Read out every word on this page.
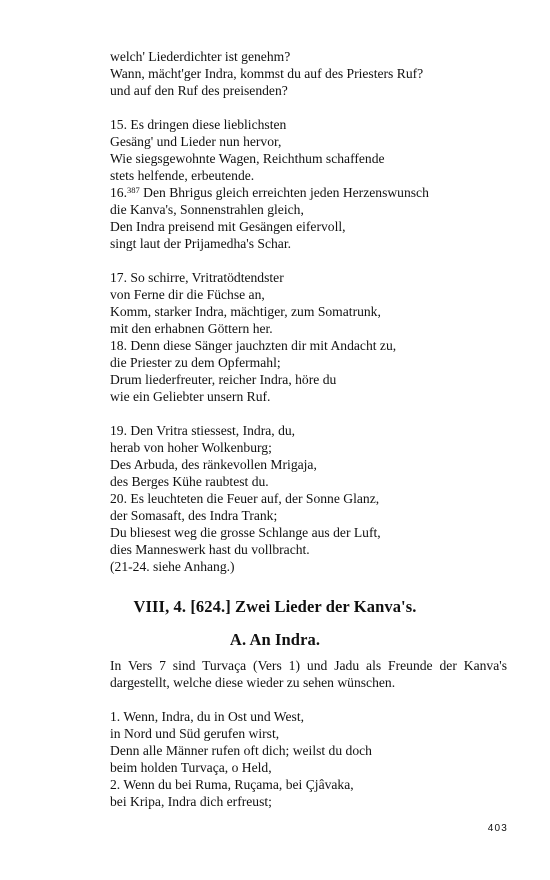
welch' Liederdichter ist genehm?
Wann, mächt'ger Indra, kommst du auf des Priesters Ruf?
und auf den Ruf des preisenden?
15. Es dringen diese lieblichsten
Gesäng' und Lieder nun hervor,
Wie siegsgewohnte Wagen, Reichthum schaffende
stets helfende, erbeutende.
16.$^{387}$ Den Bhrigus gleich erreichten jeden Herzenswunsch
die Kanva's, Sonnenstrahlen gleich,
Den Indra preisend mit Gesängen eifervoll,
singt laut der Prijamedha's Schar.
17. So schirre, Vritratödtendster
von Ferne dir die Füchse an,
Komm, starker Indra, mächtiger, zum Somatrunk,
mit den erhabnen Göttern her.
18. Denn diese Sänger jauchzten dir mit Andacht zu,
die Priester zu dem Opfermahl;
Drum liederfreuter, reicher Indra, höre du
wie ein Geliebter unsern Ruf.
19. Den Vritra stiessest, Indra, du,
herab von hoher Wolkenburg;
Des Arbuda, des ränkevollen Mrigaja,
des Berges Kühe raubtest du.
20. Es leuchteten die Feuer auf, der Sonne Glanz,
der Somasaft, des Indra Trank;
Du bliesest weg die grosse Schlange aus der Luft,
dies Manneswerk hast du vollbracht.
(21-24. siehe Anhang.)
VIII, 4. [624.] Zwei Lieder der Kanva's.
A. An Indra.
In Vers 7 sind Turvaça (Vers 1) und Jadu als Freunde der Kanva's dargestellt, welche diese wieder zu sehen wünschen.
1. Wenn, Indra, du in Ost und West,
in Nord und Süd gerufen wirst,
Denn alle Männer rufen oft dich; weilst du doch
beim holden Turvaça, o Held,
2. Wenn du bei Ruma, Ruçama, bei Çjâvaka,
bei Kripa, Indra dich erfreust;
403
